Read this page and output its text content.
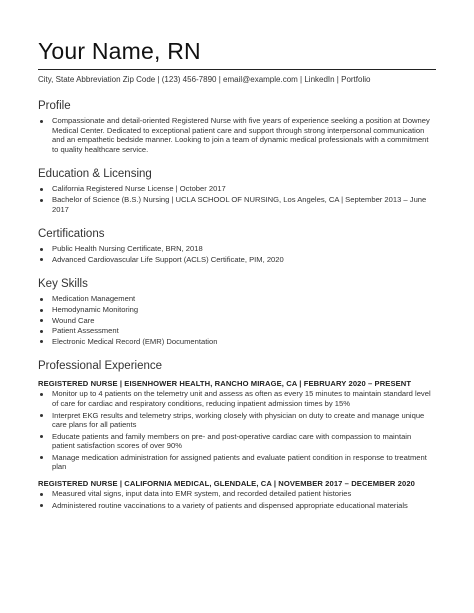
Your Name, RN
City, State Abbreviation Zip Code | (123) 456-7890 | email@example.com | LinkedIn | Portfolio
Profile
Compassionate and detail-oriented Registered Nurse with five years of experience seeking a position at Downey Medical Center. Dedicated to exceptional patient care and support through strong interpersonal communication and an empathetic bedside manner. Looking to join a team of dynamic medical professionals with a commitment to quality healthcare service.
Education & Licensing
California Registered Nurse License | October 2017
Bachelor of Science (B.S.) Nursing | UCLA SCHOOL OF NURSING, Los Angeles, CA | September 2013 – June 2017
Certifications
Public Health Nursing Certificate, BRN, 2018
Advanced Cardiovascular Life Support (ACLS) Certificate, PIM, 2020
Key Skills
Medication Management
Hemodynamic Monitoring
Wound Care
Patient Assessment
Electronic Medical Record (EMR) Documentation
Professional Experience
REGISTERED NURSE | EISENHOWER HEALTH, RANCHO MIRAGE, CA | FEBRUARY 2020 – PRESENT
Monitor up to 4 patients on the telemetry unit and assess as often as every 15 minutes to maintain standard level of care for cardiac and respiratory conditions, reducing inpatient admission times by 15%
Interpret EKG results and telemetry strips, working closely with physician on duty to create and manage unique care plans for all patients
Educate patients and family members on pre- and post-operative cardiac care with compassion to maintain patient satisfaction scores of over 90%
Manage medication administration for assigned patients and evaluate patient condition in response to treatment plan
REGISTERED NURSE | CALIFORNIA MEDICAL, GLENDALE, CA | NOVEMBER 2017 – DECEMBER 2020
Measured vital signs, input data into EMR system, and recorded detailed patient histories
Administered routine vaccinations to a variety of patients and dispensed appropriate educational materials
